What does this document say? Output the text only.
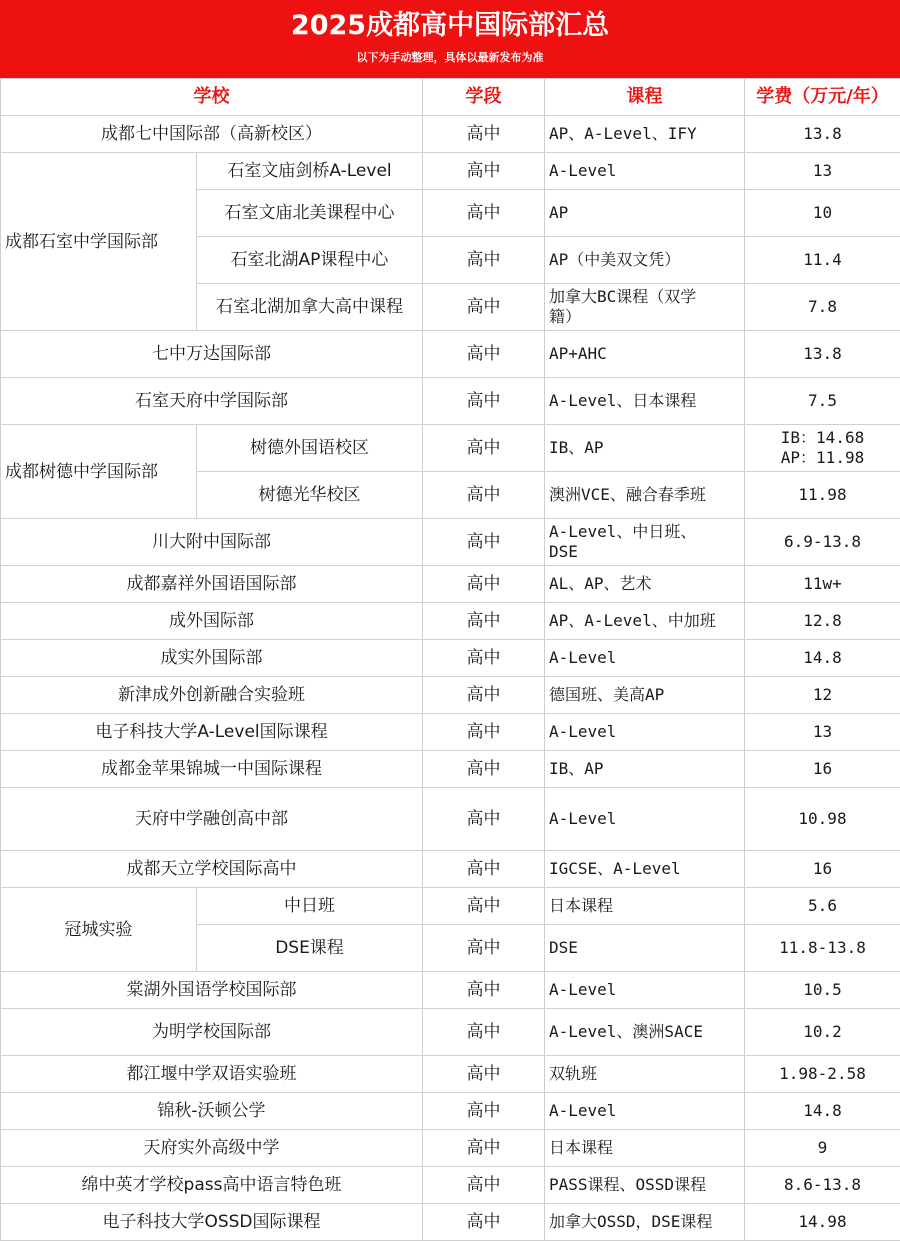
2025成都高中国际部汇总
以下为手动整理，具体以最新发布为准
学校		学段	课程	学费（万元/年）
成都七中国际部（高新校区）		高中	AP、A-Level、IFY	13.8
成都石室中学国际部	石室文庙剑桥A-Level	高中	A-Level	13
	石室文庙北美课程中心	高中	AP	10
	石室北湖AP课程中心	高中	AP（中美双文凭）	11.4
	石室北湖加拿大高中课程	高中	加拿大BC课程（双学
籍）	7.8
七中万达国际部		高中	AP+AHC	13.8
石室天府中学国际部		高中	A-Level、日本课程	7.5
成都树德中学国际部	树德外国语校区	高中	IB、AP	IB：14.68
AP：11.98
	树德光华校区	高中	澳洲VCE、融合春季班	11.98
川大附中国际部		高中	A-Level、中日班、
DSE	6.9-13.8
成都嘉祥外国语国际部		高中	AL、AP、艺术	11w+
成外国际部		高中	AP、A-Level、中加班	12.8
成实外国际部		高中	A-Level	14.8
新津成外创新融合实验班		高中	德国班、美高AP	12
电子科技大学A-Level国际课程		高中	A-Level	13
成都金苹果锦城一中国际课程		高中	IB、AP	16
天府中学融创高中部		高中	A-Level	10.98
成都天立学校国际高中		高中	IGCSE、A-Level	16
冠城实验	中日班	高中	日本课程	5.6
	DSE课程	高中	DSE	11.8-13.8
棠湖外国语学校国际部		高中	A-Level	10.5
为明学校国际部		高中	A-Level、澳洲SACE	10.2
都江堰中学双语实验班		高中	双轨班	1.98-2.58
锦秋-沃顿公学		高中	A-Level	14.8
天府实外高级中学		高中	日本课程	9
绵中英才学校pass高中语言特色班		高中	PASS课程、OSSD课程	8.6-13.8
电子科技大学OSSD国际课程		高中	加拿大OSSD，DSE课程	14.98
